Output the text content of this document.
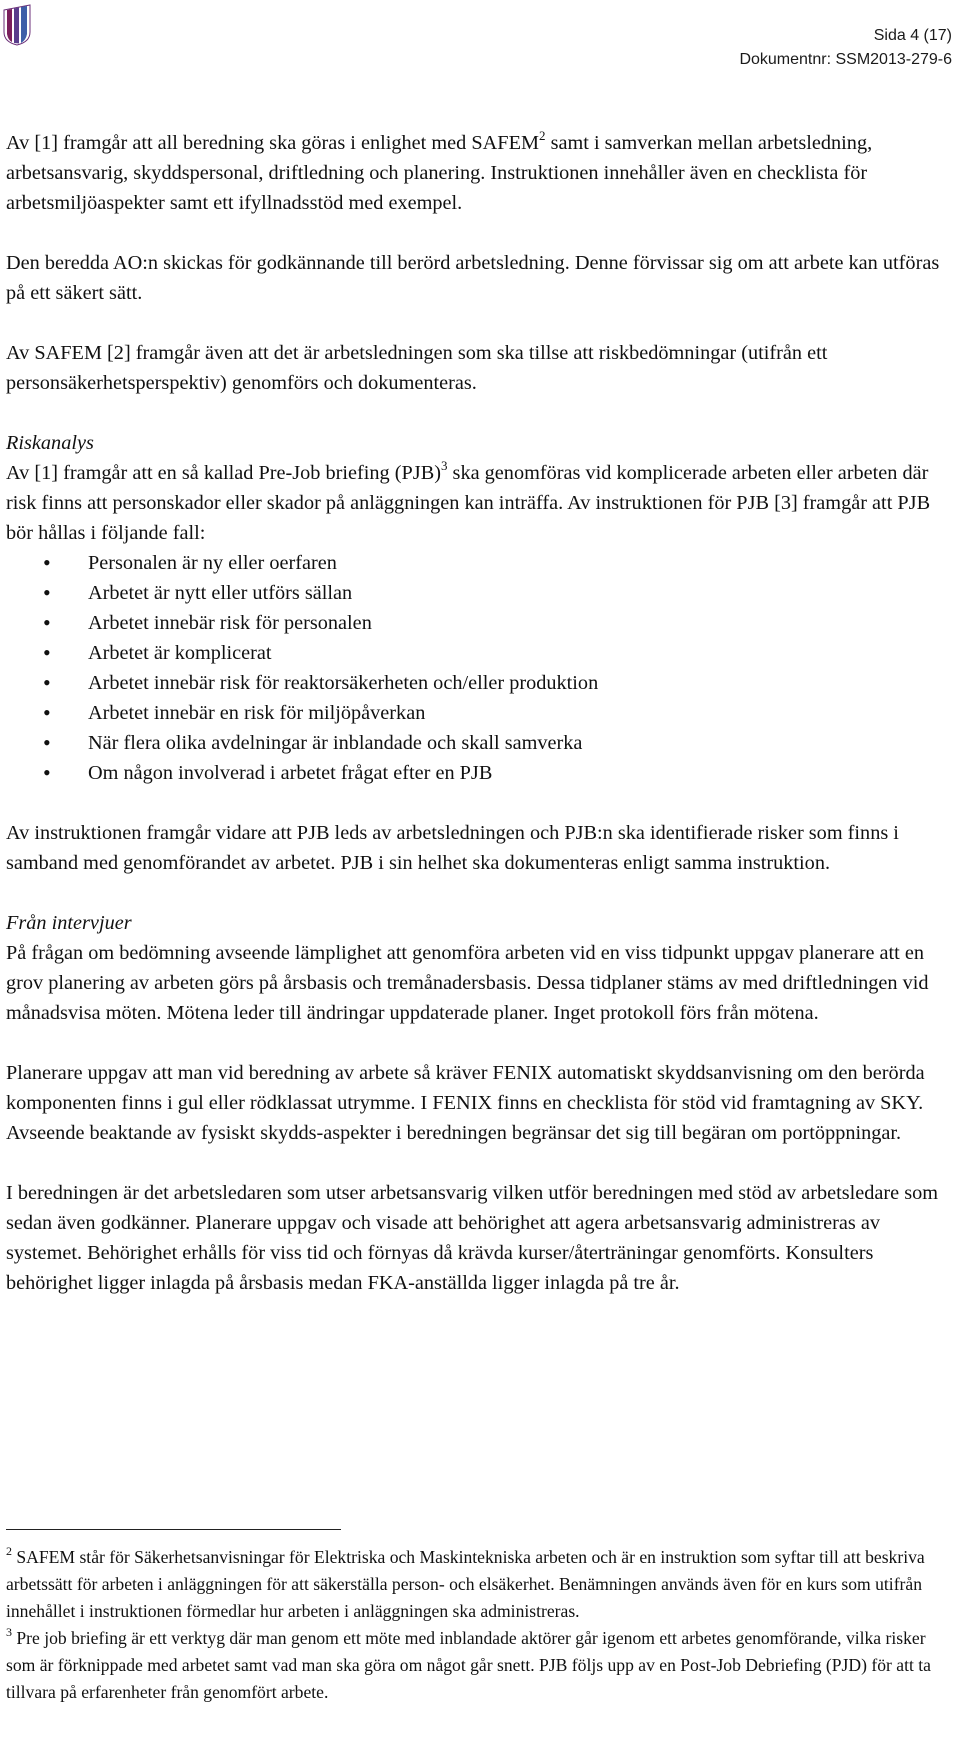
Sida 4 (17)
Dokumentnr: SSM2013-279-6

Av [1] framgår att all beredning ska göras i enlighet med SAFEM$^2$ samt i samverkan mellan arbetsledning, arbetsansvarig, skyddspersonal, driftledning och planering. Instruktionen innehåller även en checklista för arbetsmiljöaspekter samt ett ifyllnadsstöd med exempel.

Den beredda AO:n skickas för godkännande till berörd arbetsledning. Denne förvissar sig om att arbete kan utföras på ett säkert sätt.

Av SAFEM [2] framgår även att det är arbetsledningen som ska tillse att riskbedömningar (utifrån ett personsäkerhetsperspektiv) genomförs och dokumenteras.

Riskanalys

Av [1] framgår att en så kallad Pre-Job briefing (PJB)$^3$ ska genomföras vid komplicerade arbeten eller arbeten där risk finns att personskador eller skador på anläggningen kan inträffa. Av instruktionen för PJB [3] framgår att PJB bör hållas i följande fall:

• Personalen är ny eller oerfaren
• Arbetet är nytt eller utförs sällan
• Arbetet innebär risk för personalen
• Arbetet är komplicerat
• Arbetet innebär risk för reaktorsäkerheten och/eller produktion
• Arbetet innebär en risk för miljöpåverkan
• När flera olika avdelningar är inblandade och skall samverka
• Om någon involverad i arbetet frågat efter en PJB

Av instruktionen framgår vidare att PJB leds av arbetsledningen och PJB:n ska identifierade risker som finns i samband med genomförandet av arbetet. PJB i sin helhet ska dokumenteras enligt samma instruktion.

Från intervjuer

På frågan om bedömning avseende lämplighet att genomföra arbeten vid en viss tidpunkt uppgav planerare att en grov planering av arbeten görs på årsbasis och tremånadersbasis. Dessa tidplaner stäms av med driftledningen vid månadsvisa möten. Mötena leder till ändringar uppdaterade planer. Inget protokoll förs från mötena.

Planerare uppgav att man vid beredning av arbete så kräver FENIX automatiskt skyddsanvisning om den berörda komponenten finns i gul eller rödklassat utrymme. I FENIX finns en checklista för stöd vid framtagning av SKY. Avseende beaktande av fysiskt skydds-aspekter i beredningen begränsar det sig till begäran om portöppningar.

I beredningen är det arbetsledaren som utser arbetsansvarig vilken utför beredningen med stöd av arbetsledare som sedan även godkänner. Planerare uppgav och visade att behörighet att agera arbetsansvarig administreras av systemet. Behörighet erhålls för viss tid och förnyas då krävda kurser/återträningar genomförts. Konsulters behörighet ligger inlagda på årsbasis medan FKA-anställda ligger inlagda på tre år.

$^2$ SAFEM står för Säkerhetsanvisningar för Elektriska och Maskintekniska arbeten och är en instruktion som syftar till att beskriva arbetssätt för arbeten i anläggningen för att säkerställa person- och elsäkerhet. Benämningen används även för en kurs som utifrån innehållet i instruktionen förmedlar hur arbeten i anläggningen ska administreras.

$^3$ Pre job briefing är ett verktyg där man genom ett möte med inblandade aktörer går igenom ett arbetes genomförande, vilka risker som är förknippade med arbetet samt vad man ska göra om något går snett. PJB följs upp av en Post-Job Debriefing (PJD) för att ta tillvara på erfarenheter från genomfört arbete.
